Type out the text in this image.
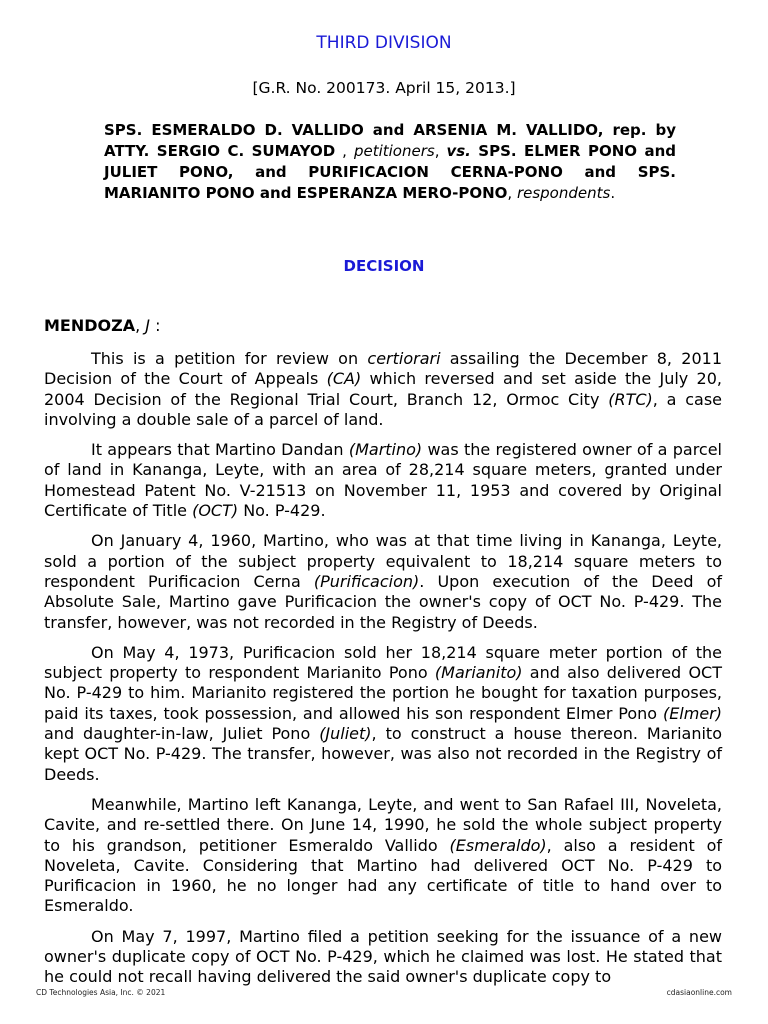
THIRD DIVISION
[G.R. No. 200173. April 15, 2013.]
SPS. ESMERALDO D. VALLIDO and ARSENIA M. VALLIDO, rep. by ATTY. SERGIO C. SUMAYOD , petitioners, vs. SPS. ELMER PONO and JULIET PONO, and PURIFICACION CERNA-PONO and SPS. MARIANITO PONO and ESPERANZA MERO-PONO, respondents.
DECISION
MENDOZA, J :

This is a petition for review on certiorari assailing the December 8, 2011 Decision of the Court of Appeals (CA) which reversed and set aside the July 20, 2004 Decision of the Regional Trial Court, Branch 12, Ormoc City (RTC), a case involving a double sale of a parcel of land.

It appears that Martino Dandan (Martino) was the registered owner of a parcel of land in Kananga, Leyte, with an area of 28,214 square meters, granted under Homestead Patent No. V-21513 on November 11, 1953 and covered by Original Certificate of Title (OCT) No. P-429.

On January 4, 1960, Martino, who was at that time living in Kananga, Leyte, sold a portion of the subject property equivalent to 18,214 square meters to respondent Purificacion Cerna (Purificacion). Upon execution of the Deed of Absolute Sale, Martino gave Purificacion the owner's copy of OCT No. P-429. The transfer, however, was not recorded in the Registry of Deeds.

On May 4, 1973, Purificacion sold her 18,214 square meter portion of the subject property to respondent Marianito Pono (Marianito) and also delivered OCT No. P-429 to him. Marianito registered the portion he bought for taxation purposes, paid its taxes, took possession, and allowed his son respondent Elmer Pono (Elmer) and daughter-in-law, Juliet Pono (Juliet), to construct a house thereon. Marianito kept OCT No. P-429. The transfer, however, was also not recorded in the Registry of Deeds.

Meanwhile, Martino left Kananga, Leyte, and went to San Rafael III, Noveleta, Cavite, and re-settled there. On June 14, 1990, he sold the whole subject property to his grandson, petitioner Esmeraldo Vallido (Esmeraldo), also a resident of Noveleta, Cavite. Considering that Martino had delivered OCT No. P-429 to Purificacion in 1960, he no longer had any certificate of title to hand over to Esmeraldo.

On May 7, 1997, Martino filed a petition seeking for the issuance of a new owner's duplicate copy of OCT No. P-429, which he claimed was lost. He stated that he could not recall having delivered the said owner's duplicate copy to

CD Technologies Asia, Inc. © 2021	cdasiaonline.com
